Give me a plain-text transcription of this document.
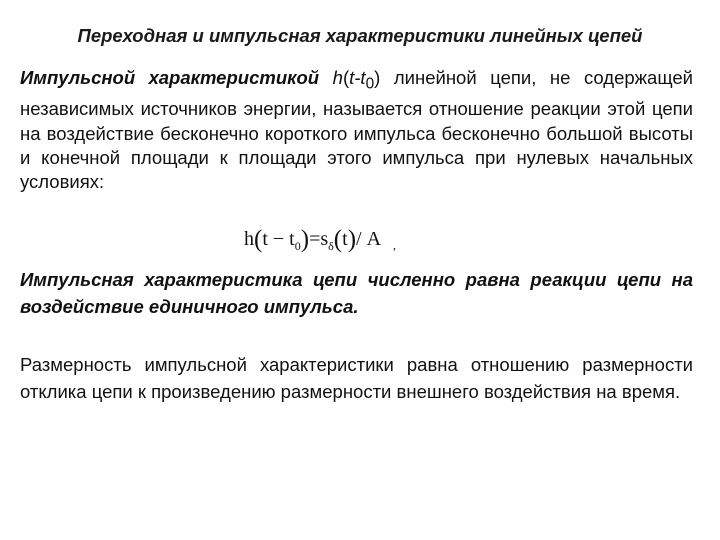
Переходная и импульсная характеристики линейных цепей
Импульсной характеристикой $h(t-t_0)$ линейной цепи, не содержащей независимых источников энергии, называется отношение реакции этой цепи на воздействие бесконечно короткого импульса бесконечно большой высоты и конечной площади к площади этого импульса при нулевых начальных условиях:
$h(t - t_0)=s_\delta(t)/$ A $_,$
Импульсная характеристика цепи численно равна реакции цепи на воздействие единичного импульса.
Размерность импульсной характеристики равна отношению размерности отклика цепи к произведению размерности внешнего воздействия на время.
